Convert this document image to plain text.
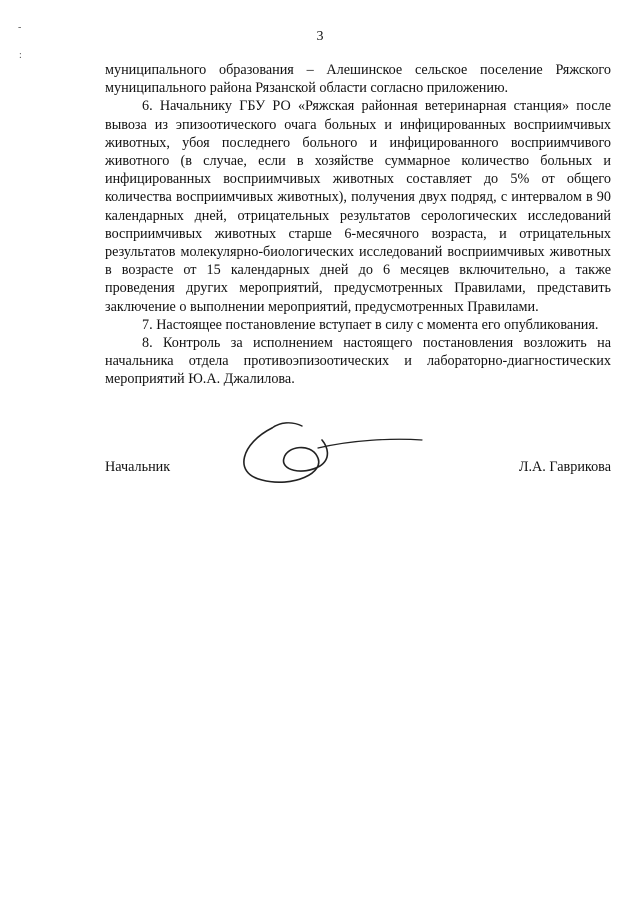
3
-
:

муниципального образования – Алешинское сельское поселение Ряжского муниципального района Рязанской области согласно приложению.

6. Начальнику ГБУ РО «Ряжская районная ветеринарная станция» после вывоза из эпизоотического очага больных и инфицированных восприимчивых животных, убоя последнего больного и инфицированного восприимчивого животного (в случае, если в хозяйстве суммарное количество больных и инфицированных восприимчивых животных составляет до 5% от общего количества восприимчивых животных), получения двух подряд, с интервалом в 90 календарных дней, отрицательных результатов серологических исследований восприимчивых животных старше 6-месячного возраста, и отрицательных результатов молекулярно-биологических исследований восприимчивых животных в возрасте от 15 календарных дней до 6 месяцев включительно, а также проведения других мероприятий, предусмотренных Правилами, представить заключение о выполнении мероприятий, предусмотренных Правилами.

7. Настоящее постановление вступает в силу с момента его опубликования.

8. Контроль за исполнением настоящего постановления возложить на начальника отдела противоэпизоотических и лабораторно-диагностических мероприятий Ю.А. Джалилова.

Начальник	Л.А. Гаврикова
